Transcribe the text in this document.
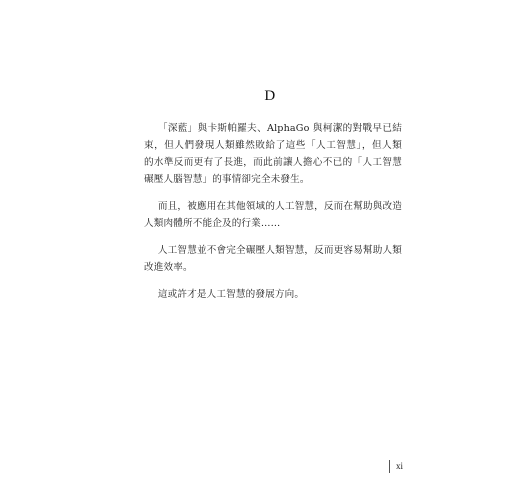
D

「深藍」與卡斯帕羅夫、AlphaGo 與柯潔的對戰早已結束，但人們發現人類雖然敗給了這些「人工智慧」，但人類的水準反而更有了長進，而此前讓人擔心不已的「人工智慧碾壓人腦智慧」的事情卻完全未發生。

而且，被應用在其他領域的人工智慧，反而在幫助與改造人類肉體所不能企及的行業……

人工智慧並不會完全碾壓人類智慧，反而更容易幫助人類改進效率。

這或許才是人工智慧的發展方向。

xi
